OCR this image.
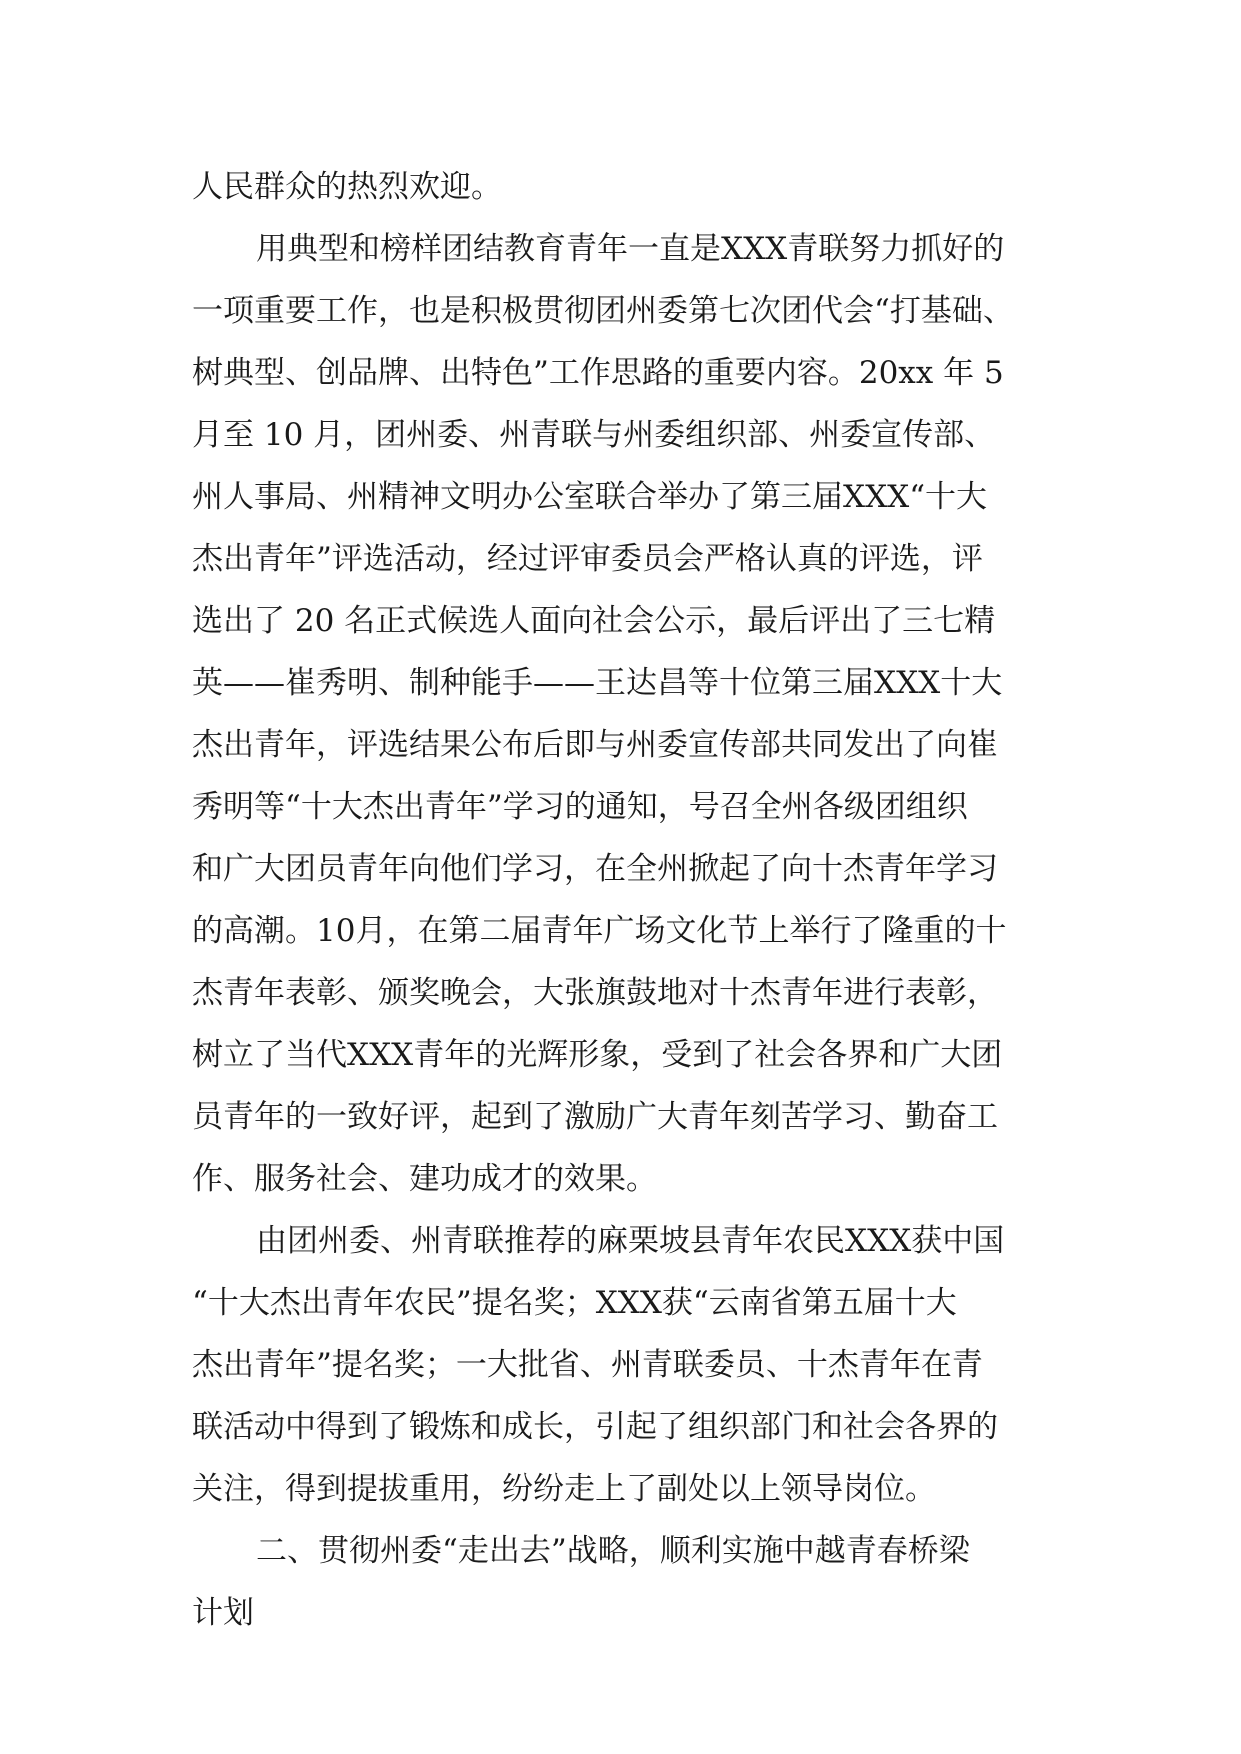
人民群众的热烈欢迎。
用典型和榜样团结教育青年一直是XXX青联努力抓好的
一项重要工作，也是积极贯彻团州委第七次团代会“打基础、
树典型、创品牌、出特色”工作思路的重要内容。20xx 年 5
月至 10 月，团州委、州青联与州委组织部、州委宣传部、
州人事局、州精神文明办公室联合举办了第三届XXX“十大
杰出青年”评选活动，经过评审委员会严格认真的评选，评
选出了 20 名正式候选人面向社会公示，最后评出了三七精
英——崔秀明、制种能手——王达昌等十位第三届XXX十大
杰出青年，评选结果公布后即与州委宣传部共同发出了向崔
秀明等“十大杰出青年”学习的通知，号召全州各级团组织
和广大团员青年向他们学习，在全州掀起了向十杰青年学习
的高潮。10月，在第二届青年广场文化节上举行了隆重的十
杰青年表彰、颁奖晚会，大张旗鼓地对十杰青年进行表彰，
树立了当代XXX青年的光辉形象，受到了社会各界和广大团
员青年的一致好评，起到了激励广大青年刻苦学习、勤奋工
作、服务社会、建功成才的效果。
由团州委、州青联推荐的麻栗坡县青年农民XXX获中国
“十大杰出青年农民”提名奖；XXX获“云南省第五届十大
杰出青年”提名奖；一大批省、州青联委员、十杰青年在青
联活动中得到了锻炼和成长，引起了组织部门和社会各界的
关注，得到提拔重用，纷纷走上了副处以上领导岗位。
二、贯彻州委“走出去”战略，顺利实施中越青春桥梁
计划
